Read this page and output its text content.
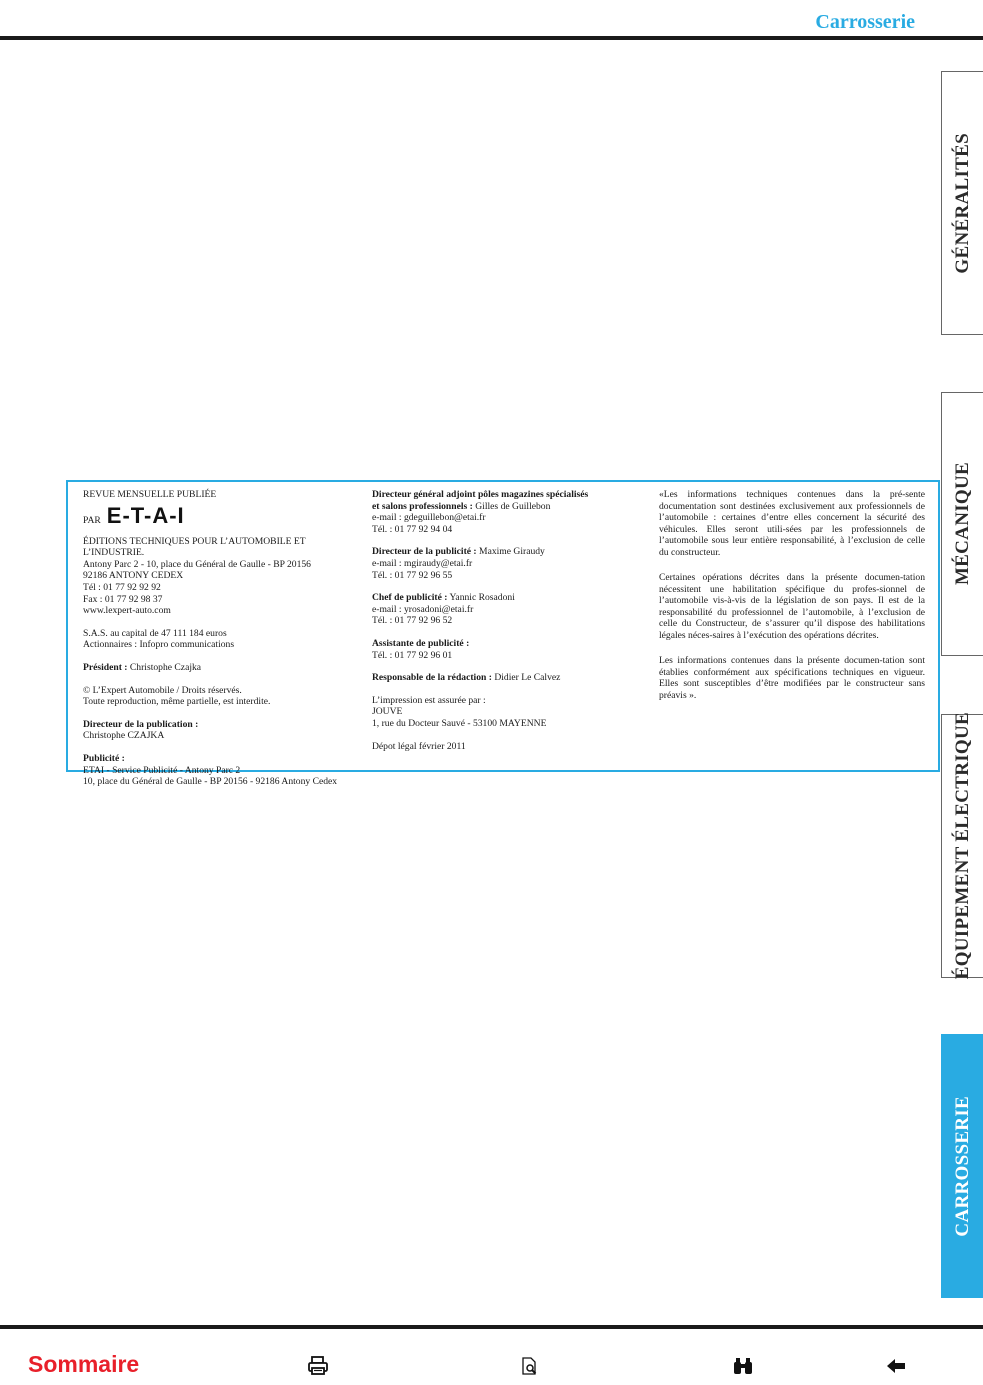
Carrosserie
GÉNÉRALITÉS
MÉCANIQUE
ÉQUIPEMENT ÉLECTRIQUE
CARROSSERIE

REVUE MENSUELLE PUBLIÉE

PAR E-T-A-I

ÉDITIONS TECHNIQUES POUR L’AUTOMOBILE ET L’INDUSTRIE.

Antony Parc 2 - 10, place du Général de Gaulle - BP 20156

92186 ANTONY CEDEX

Tél : 01 77 92 92 92

Fax : 01 77 92 98 37

www.lexpert-auto.com

S.A.S. au capital de 47 111 184 euros

Actionnaires : Infopro communications

Président : Christophe Czajka

© L’Expert Automobile / Droits réservés.

Toute reproduction, même partielle, est interdite.

Directeur de la publication :

Christophe CZAJKA

Publicité :

ETAI - Service Publicité - Antony Parc 2

10, place du Général de Gaulle - BP 20156 - 92186 Antony Cedex

Directeur général adjoint pôles magazines spécialisés

et salons professionnels : Gilles de Guillebon

e-mail : gdeguillebon@etai.fr

Tél. : 01 77 92 94 04

Directeur de la publicité : Maxime Giraudy

e-mail : mgiraudy@etai.fr

Tél. : 01 77 92 96 55

Chef de publicité : Yannic Rosadoni

e-mail : yrosadoni@etai.fr

Tél. : 01 77 92 96 52

Assistante de publicité :

Tél. : 01 77 92 96 01

Responsable de la rédaction : Didier Le Calvez

L’impression est assurée par :

JOUVE

1, rue du Docteur Sauvé - 53100 MAYENNE

Dépot légal février 2011

«Les informations techniques contenues dans la pré-sente documentation sont destinées exclusivement aux professionnels de l’automobile : certaines d’entre elles concernent la sécurité des véhicules. Elles seront utili-sées par les professionnels de l’automobile sous leur entière responsabilité, à l’exclusion de celle du constructeur.

Certaines opérations décrites dans la présente documen-tation nécessitent une habilitation spécifique du profes-sionnel de l’automobile vis-à-vis de la législation de son pays. Il est de la responsabilité du professionnel de l’automobile, à l’exclusion de celle du Constructeur, de s’assurer qu’il dispose des habilitations légales néces-saires à l’exécution des opérations décrites.

Les informations contenues dans la présente documen-tation sont établies conformément aux spécifications techniques en vigueur. Elles sont susceptibles d’être modifiées par le constructeur sans préavis ».

Sommaire
